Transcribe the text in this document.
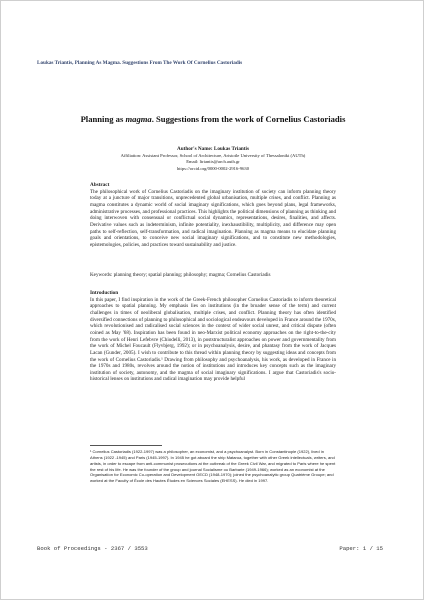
Loukas Triantis, Planning As Magma. Suggestions From The Work Of Cornelius Castoriadis
Planning as magma. Suggestions from the work of Cornelius Castoriadis
Author's Name: Loukas Triantis
Affiliation: Assistant Professor, School of Architecture, Aristotle University of Thessaloniki (AUTh)
Email: ltriantis@arch.auth.gr
https://orcid.org/0000-0002-2916-9630
Abstract

The philosophical work of Cornelius Castoriadis on the imaginary institution of society can inform planning theory today at a juncture of major transitions, unprecedented global urbanisation, multiple crises, and conflict. Planning as magma constitutes a dynamic world of social imaginary significations, which goes beyond plans, legal frameworks, administrative processes, and professional practices. This highlights the political dimensions of planning as thinking and doing interwoven with consensual or conflictual social dynamics, representations, desires, finalities, and affects. Derivative values such as indeterminism, infinite potentiality, inexhaustibility, multiplicity, and difference may open paths to self-reflection, self-transformation, and radical imagination. Planning as magma means to elucidate planning goals and orientations, to conceive new social imaginary significations, and to constitute new methodologies, epistemologies, policies, and practices toward sustainability and justice.

Keywords: planning theory; spatial planning; philosophy; magma; Cornelius Castoriadis

Introduction

In this paper, I find inspiration in the work of the Greek-French philosopher Cornelius Castoriadis to inform theoretical approaches to spatial planning. My emphasis lies on institutions (in the broader sense of the term) and current challenges in times of neoliberal globalisation, multiple crises, and conflict. Planning theory has often identified diversified connections of planning to philosophical and sociological endeavours developed in France around the 1970s, which revolutionised and radicalised social sciences in the context of wider social unrest, and critical dispute (often coined as May '68). Inspiration has been found in neo-Marxist political economy approaches on the right-to-the-city from the work of Henri Lefebvre (Chiodelli, 2013), in poststructuralist approaches on power and governmentality from the work of Michel Foucault (Flyvbjerg, 1992); or in psychoanalysis, desire, and phantasy from the work of Jacques Lacan (Gunder, 2005). I wish to contribute to this thread within planning theory by suggesting ideas and concepts from the work of Cornelius Castoriadis.¹ Drawing from philosophy and psychoanalysis, his work, as developed in France in the 1970s and 1980s, revolves around the notion of institutions and introduces key concepts such as the imaginary institution of society, autonomy, and the magma of social imaginary significations. I argue that Castoriadis's socio-historical lenses on institutions and radical imagination may provide helpful

¹ Cornelius Castoriadis (1922-1997) was a philosopher, an economist, and a psychoanalyst. Born in Constantinople (1922), lived in Athens (1922 -1945) and Paris (1945-1997). In 1945 he got aboard the ship Mataroa, together with other Greek intellectuals, writers, and artists, in order to escape from anti-communist prosecutions at the outbreak of the Greek Civil War, and migrated to Paris where he spent the rest of his life. He was the founder of the group and journal Socialisme ou Barbarie (1949-1966); worked as an economist at the Organisation for Economic Co-operation and Development OECD (1948-1970); joined the psychoanalytic group Quatrième Groupe; and worked at the Faculty of École des Hautes Études en Sciences Sociales (EHESS). He died in 1997.
Book of Proceedings - 2367 / 3553	Paper: 1 / 15
